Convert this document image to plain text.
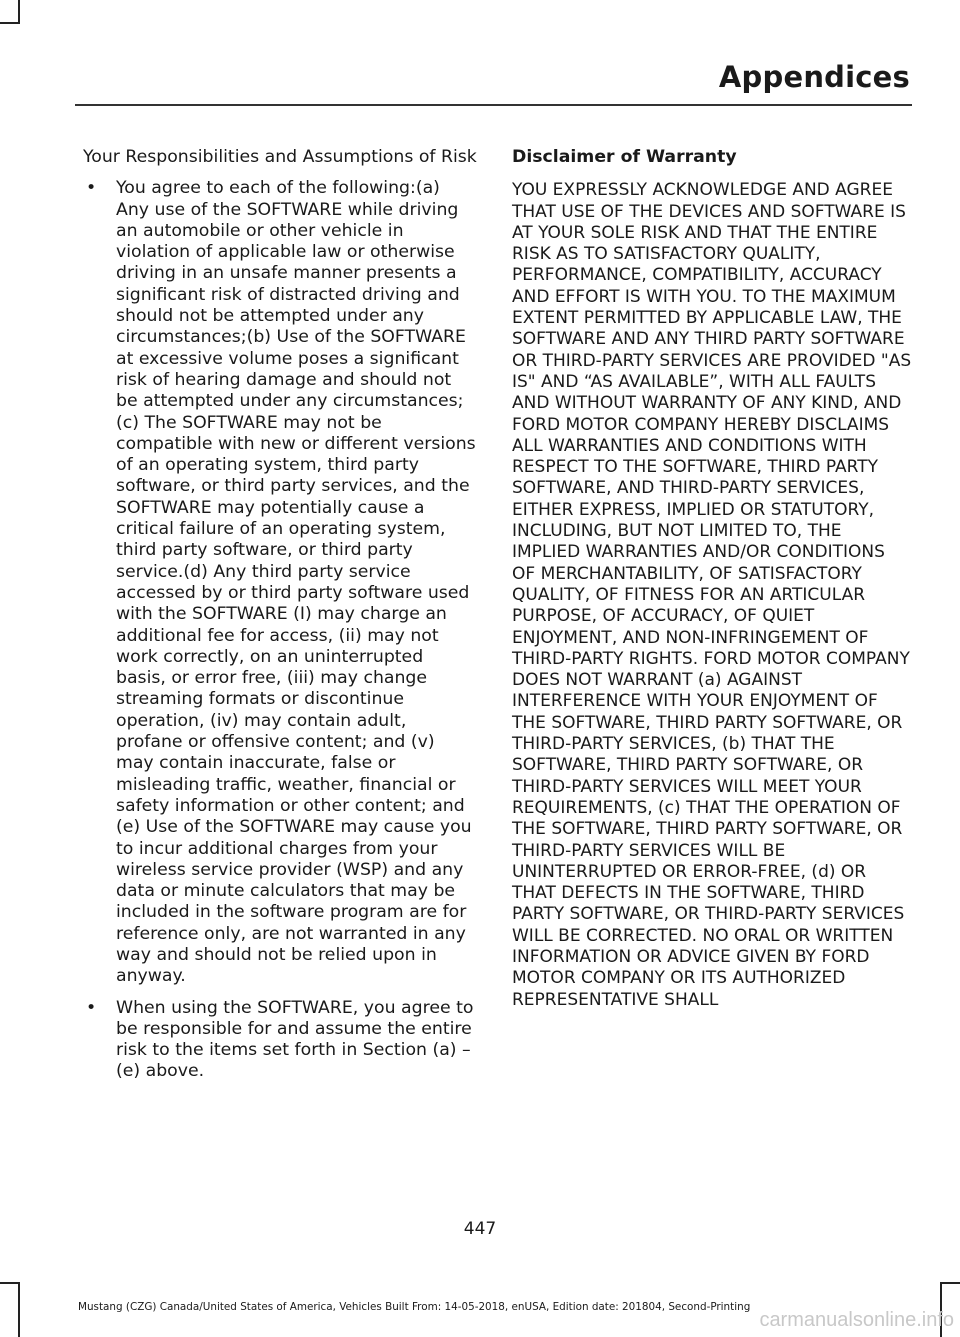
Appendices

Your Responsibilities and Assumptions of Risk

• You agree to each of the following:(a) Any use of the SOFTWARE while driving an automobile or other vehicle in violation of applicable law or otherwise driving in an unsafe manner presents a significant risk of distracted driving and should not be attempted under any circumstances;(b) Use of the SOFTWARE at excessive volume poses a significant risk of hearing damage and should not be attempted under any circumstances;(c) The SOFTWARE may not be compatible with new or different versions of an operating system, third party software, or third party services, and the SOFTWARE may potentially cause a critical failure of an operating system, third party software, or third party service.(d) Any third party service accessed by or third party software used with the SOFTWARE (I) may charge an additional fee for access, (ii) may not work correctly, on an uninterrupted basis, or error free, (iii) may change streaming formats or discontinue operation, (iv) may contain adult, profane or offensive content; and (v) may contain inaccurate, false or misleading traffic, weather, financial or safety information or other content; and (e) Use of the SOFTWARE may cause you to incur additional charges from your wireless service provider (WSP) and any data or minute calculators that may be included in the software program are for reference only, are not warranted in any way and should not be relied upon in anyway.
• When using the SOFTWARE, you agree to be responsible for and assume the entire risk to the items set forth in Section (a) – (e) above.

Disclaimer of Warranty

YOU EXPRESSLY ACKNOWLEDGE AND AGREE THAT USE OF THE DEVICES AND SOFTWARE IS AT YOUR SOLE RISK AND THAT THE ENTIRE RISK AS TO SATISFACTORY QUALITY, PERFORMANCE, COMPATIBILITY, ACCURACY AND EFFORT IS WITH YOU. TO THE MAXIMUM EXTENT PERMITTED BY APPLICABLE LAW, THE SOFTWARE AND ANY THIRD PARTY SOFTWARE OR THIRD-PARTY SERVICES ARE PROVIDED "AS IS" AND “AS AVAILABLE”, WITH ALL FAULTS AND WITHOUT WARRANTY OF ANY KIND, AND FORD MOTOR COMPANY HEREBY DISCLAIMS ALL WARRANTIES AND CONDITIONS WITH RESPECT TO THE SOFTWARE, THIRD PARTY SOFTWARE, AND THIRD-PARTY SERVICES, EITHER EXPRESS, IMPLIED OR STATUTORY, INCLUDING, BUT NOT LIMITED TO, THE IMPLIED WARRANTIES AND/OR CONDITIONS OF MERCHANTABILITY, OF SATISFACTORY QUALITY, OF FITNESS FOR AN ARTICULAR PURPOSE, OF ACCURACY, OF QUIET ENJOYMENT, AND NON-INFRINGEMENT OF THIRD-PARTY RIGHTS. FORD MOTOR COMPANY DOES NOT WARRANT (a) AGAINST INTERFERENCE WITH YOUR ENJOYMENT OF THE SOFTWARE, THIRD PARTY SOFTWARE, OR THIRD-PARTY SERVICES, (b) THAT THE SOFTWARE, THIRD PARTY SOFTWARE, OR THIRD-PARTY SERVICES WILL MEET YOUR REQUIREMENTS, (c) THAT THE OPERATION OF THE SOFTWARE, THIRD PARTY SOFTWARE, OR THIRD-PARTY SERVICES WILL BE UNINTERRUPTED OR ERROR-FREE, (d) OR THAT DEFECTS IN THE SOFTWARE, THIRD PARTY SOFTWARE, OR THIRD-PARTY SERVICES WILL BE CORRECTED. NO ORAL OR WRITTEN INFORMATION OR ADVICE GIVEN BY FORD MOTOR COMPANY OR ITS AUTHORIZED REPRESENTATIVE SHALL

447
Mustang (CZG) Canada/United States of America, Vehicles Built From: 14-05-2018, enUSA, Edition date: 201804, Second-Printing
carmanualsonline.info
